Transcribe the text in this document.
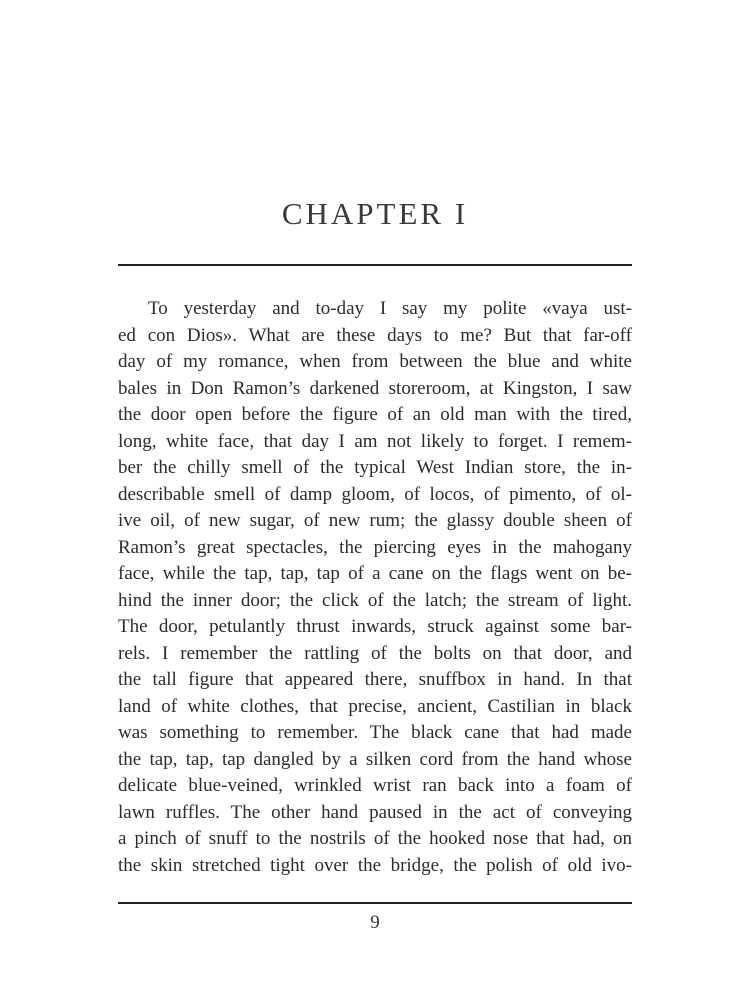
CHAPTER I
To yesterday and to-day I say my polite «vaya ust-
ed con Dios». What are these days to me? But that far-off
day of my romance, when from between the blue and white
bales in Don Ramon’s darkened storeroom, at Kingston, I saw
the door open before the figure of an old man with the tired,
long, white face, that day I am not likely to forget. I remem-
ber the chilly smell of the typical West Indian store, the in-
describable smell of damp gloom, of locos, of pimento, of ol-
ive oil, of new sugar, of new rum; the glassy double sheen of
Ramon’s great spectacles, the piercing eyes in the mahogany
face, while the tap, tap, tap of a cane on the flags went on be-
hind the inner door; the click of the latch; the stream of light.
The door, petulantly thrust inwards, struck against some bar-
rels. I remember the rattling of the bolts on that door, and
the tall figure that appeared there, snuffbox in hand. In that
land of white clothes, that precise, ancient, Castilian in black
was something to remember. The black cane that had made
the tap, tap, tap dangled by a silken cord from the hand whose
delicate blue-veined, wrinkled wrist ran back into a foam of
lawn ruffles. The other hand paused in the act of conveying
a pinch of snuff to the nostrils of the hooked nose that had, on
the skin stretched tight over the bridge, the polish of old ivo-
9
